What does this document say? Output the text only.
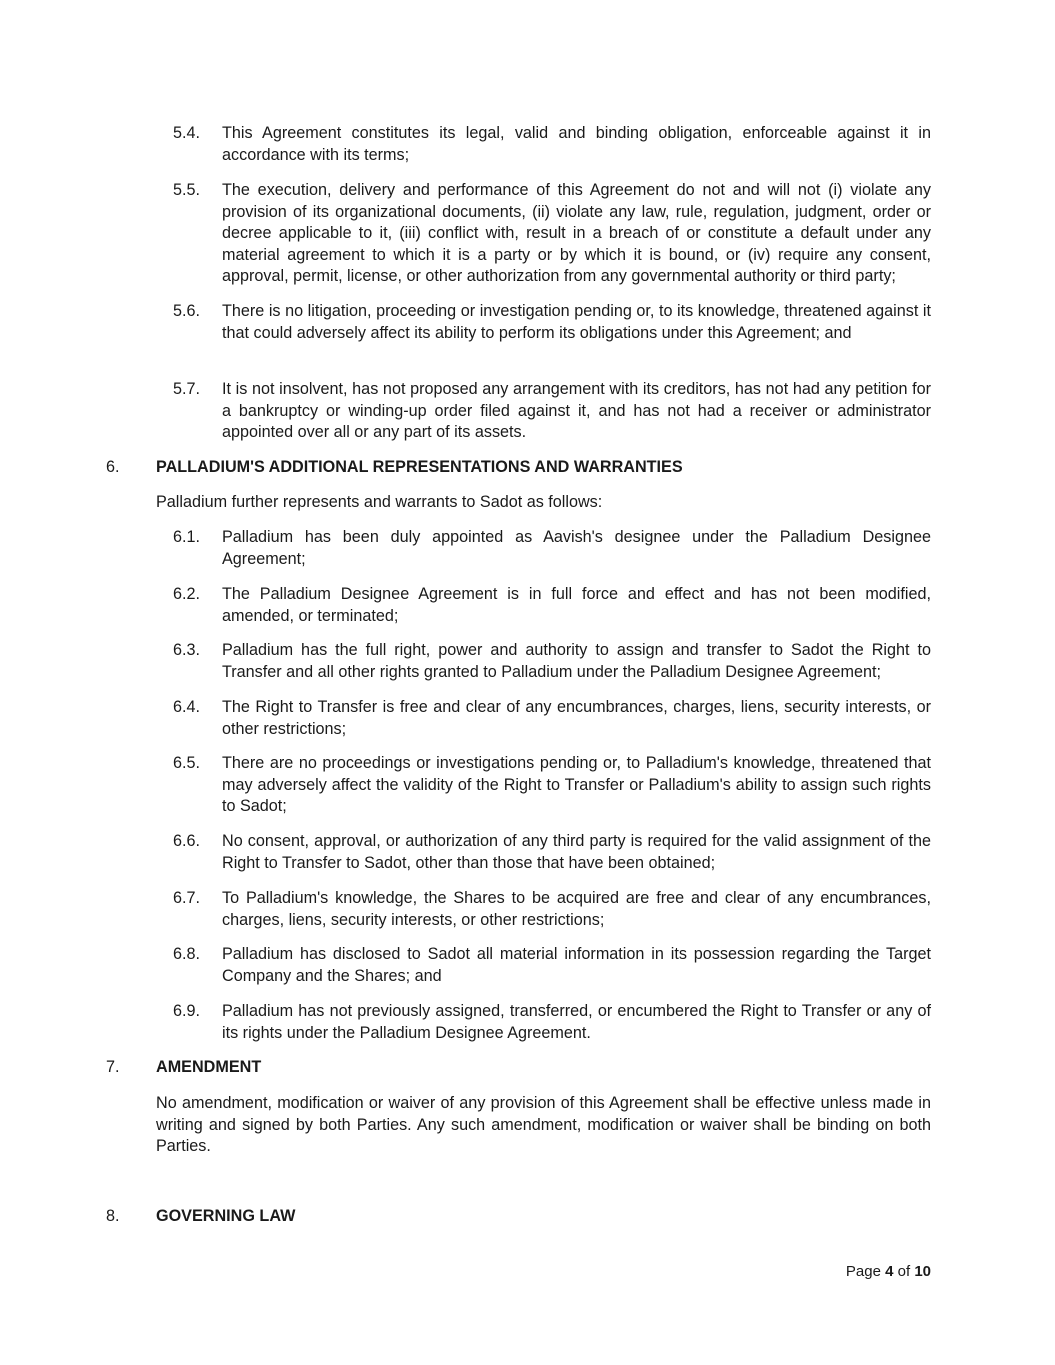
5.4.	This Agreement constitutes its legal, valid and binding obligation, enforceable against it in accordance with its terms;
5.5.	The execution, delivery and performance of this Agreement do not and will not (i) violate any provision of its organizational documents, (ii) violate any law, rule, regulation, judgment, order or decree applicable to it, (iii) conflict with, result in a breach of or constitute a default under any material agreement to which it is a party or by which it is bound, or (iv) require any consent, approval, permit, license, or other authorization from any governmental authority or third party;
5.6.	There is no litigation, proceeding or investigation pending or, to its knowledge, threatened against it that could adversely affect its ability to perform its obligations under this Agreement; and
5.7.	It is not insolvent, has not proposed any arrangement with its creditors, has not had any petition for a bankruptcy or winding-up order filed against it, and has not had a receiver or administrator appointed over all or any part of its assets.
6.	PALLADIUM'S ADDITIONAL REPRESENTATIONS AND WARRANTIES
Palladium further represents and warrants to Sadot as follows:
6.1.	Palladium has been duly appointed as Aavish's designee under the Palladium Designee Agreement;
6.2.	The Palladium Designee Agreement is in full force and effect and has not been modified, amended, or terminated;
6.3.	Palladium has the full right, power and authority to assign and transfer to Sadot the Right to Transfer and all other rights granted to Palladium under the Palladium Designee Agreement;
6.4.	The Right to Transfer is free and clear of any encumbrances, charges, liens, security interests, or other restrictions;
6.5.	There are no proceedings or investigations pending or, to Palladium's knowledge, threatened that may adversely affect the validity of the Right to Transfer or Palladium's ability to assign such rights to Sadot;
6.6.	No consent, approval, or authorization of any third party is required for the valid assignment of the Right to Transfer to Sadot, other than those that have been obtained;
6.7.	To Palladium's knowledge, the Shares to be acquired are free and clear of any encumbrances, charges, liens, security interests, or other restrictions;
6.8.	Palladium has disclosed to Sadot all material information in its possession regarding the Target Company and the Shares; and
6.9.	Palladium has not previously assigned, transferred, or encumbered the Right to Transfer or any of its rights under the Palladium Designee Agreement.
7.	AMENDMENT
No amendment, modification or waiver of any provision of this Agreement shall be effective unless made in writing and signed by both Parties. Any such amendment, modification or waiver shall be binding on both Parties.
8.	GOVERNING LAW
Page 4 of 10
